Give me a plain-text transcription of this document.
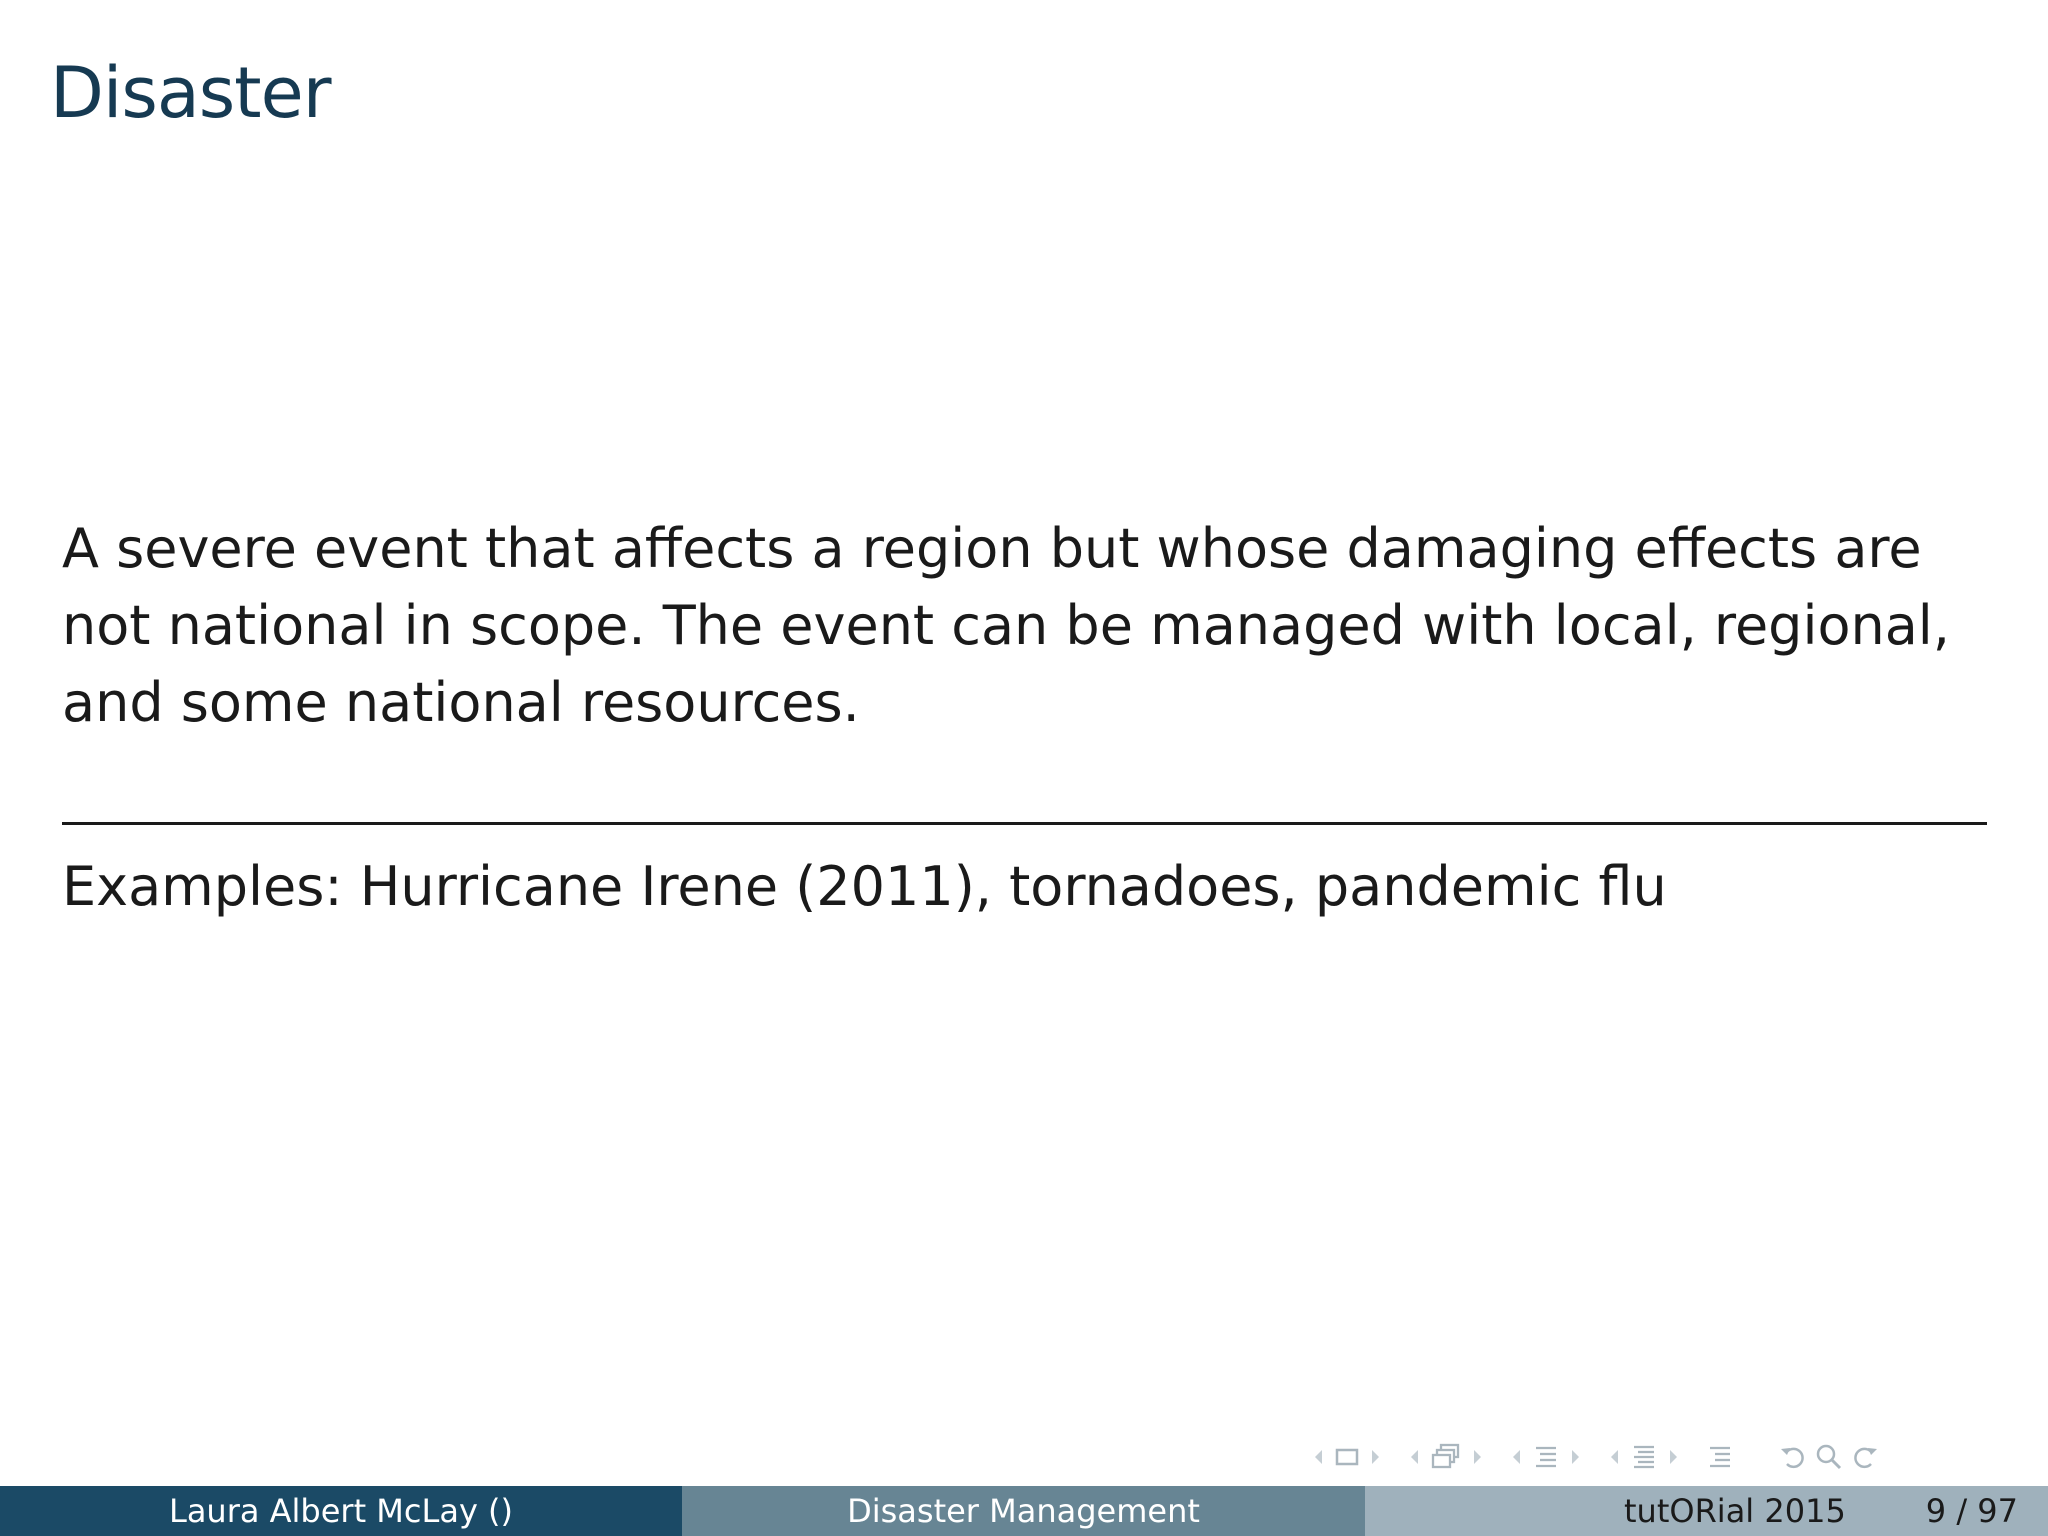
Disaster
A severe event that affects a region but whose damaging effects are not national in scope. The event can be managed with local, regional, and some national resources.
Examples: Hurricane Irene (2011), tornadoes, pandemic flu
Laura Albert McLay ()	Disaster Management	tutORial 2015	9 / 97
